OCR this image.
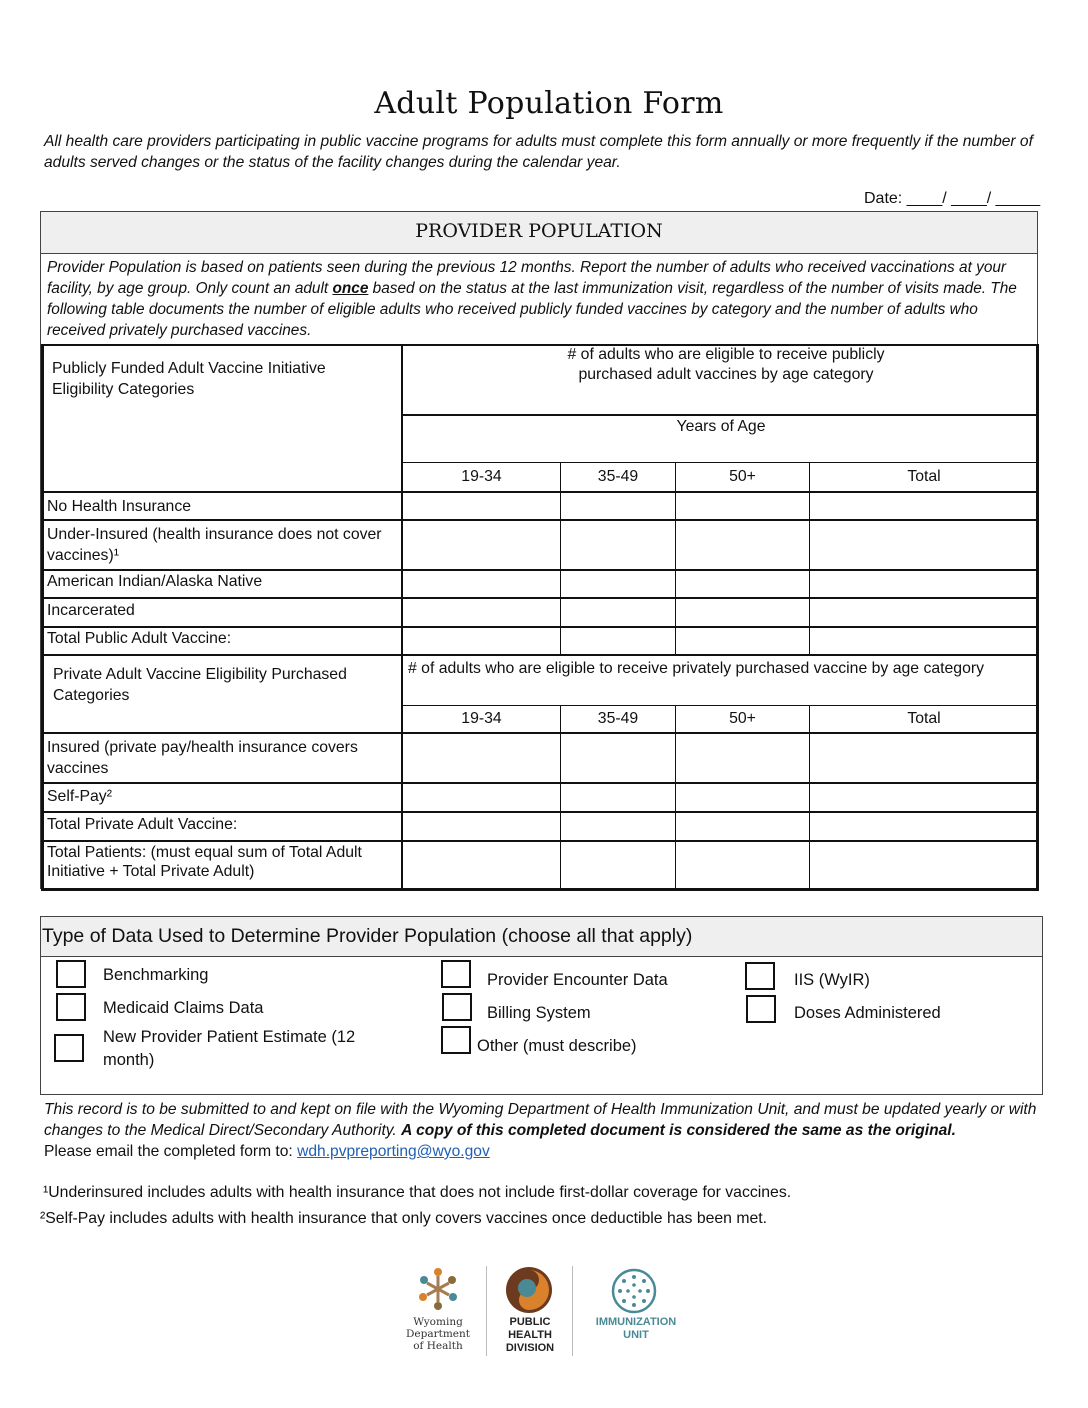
Adult Population Form
All health care providers participating in public vaccine programs for adults must complete this form annually or more frequently if the number of adults served changes or the status of the facility changes during the calendar year.
Date: ____/ ____/ _____
PROVIDER POPULATION
Provider Population is based on patients seen during the previous 12 months. Report the number of adults who received vaccinations at your facility, by age group. Only count an adult once based on the status at the last immunization visit, regardless of the number of visits made. The following table documents the number of eligible adults who received publicly funded vaccines by category and the number of adults who received privately purchased vaccines.
Publicly Funded Adult Vaccine Initiative Eligibility Categories
# of adults who are eligible to receive publicly purchased adult vaccines by age category
Years of Age
19-34	35-49	50+	Total
No Health Insurance
Under-Insured (health insurance does not cover vaccines)¹
American Indian/Alaska Native
Incarcerated
Total Public Adult Vaccine:
Private Adult Vaccine Eligibility Purchased Categories
# of adults who are eligible to receive privately purchased vaccine by age category
19-34	35-49	50+	Total
Insured (private pay/health insurance covers vaccines
Self-Pay²
Total Private Adult Vaccine:
Total Patients: (must equal sum of Total Adult Initiative + Total Private Adult)
Type of Data Used to Determine Provider Population (choose all that apply)
Benchmarking
Medicaid Claims Data
New Provider Patient Estimate (12 month)
Provider Encounter Data
Billing System
Other (must describe)
IIS (WyIR)
Doses Administered
This record is to be submitted to and kept on file with the Wyoming Department of Health Immunization Unit, and must be updated yearly or with changes to the Medical Direct/Secondary Authority. A copy of this completed document is considered the same as the original.
Please email the completed form to: wdh.pvpreporting@wyo.gov
¹Underinsured includes adults with health insurance that does not include first-dollar coverage for vaccines.
²Self-Pay includes adults with health insurance that only covers vaccines once deductible has been met.
Wyoming
Department
of Health
PUBLIC
HEALTH
DIVISION
IMMUNIZATION
UNIT
